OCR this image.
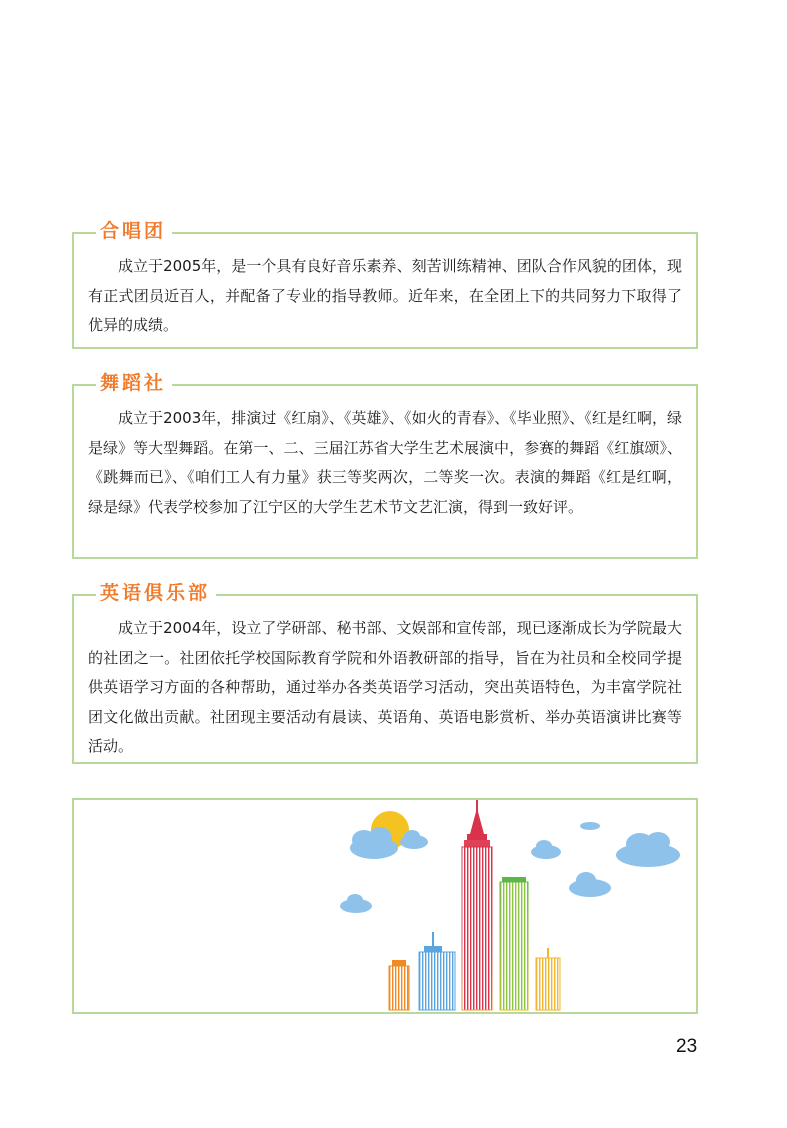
合唱团

成立于2005年，是一个具有良好音乐素养、刻苦训练精神、团队合作风貌的团体，现有正式团员近百人，并配备了专业的指导教师。近年来，在全团上下的共同努力下取得了优异的成绩。

舞蹈社

成立于2003年，排演过《红扇》、《英雄》、《如火的青春》、《毕业照》、《红是红啊，绿是绿》等大型舞蹈。在第一、二、三届江苏省大学生艺术展演中，参赛的舞蹈《红旗颂》、《跳舞而已》、《咱们工人有力量》获三等奖两次，二等奖一次。表演的舞蹈《红是红啊，绿是绿》代表学校参加了江宁区的大学生艺术节文艺汇演，得到一致好评。

英语俱乐部

成立于2004年，设立了学研部、秘书部、文娱部和宣传部，现已逐渐成长为学院最大的社团之一。社团依托学校国际教育学院和外语教研部的指导，旨在为社员和全校同学提供英语学习方面的各种帮助，通过举办各类英语学习活动，突出英语特色，为丰富学院社团文化做出贡献。社团现主要活动有晨读、英语角、英语电影赏析、举办英语演讲比赛等活动。

23
